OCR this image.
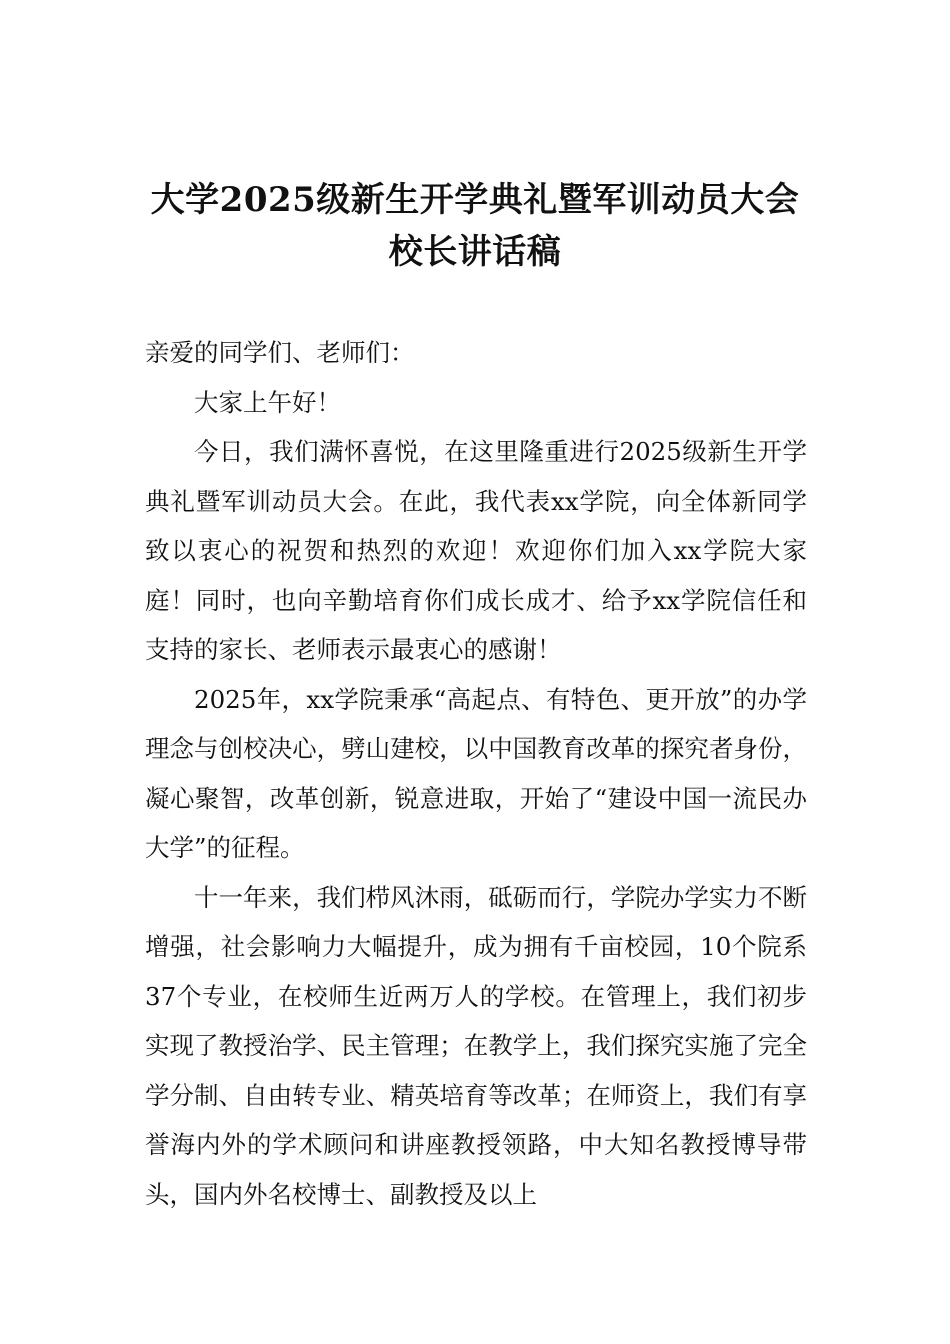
大学2025级新生开学典礼暨军训动员大会
校长讲话稿

亲爱的同学们、老师们：

大家上午好！

今日，我们满怀喜悦，在这里隆重进行2025级新生开学典礼暨军训动员大会。在此，我代表xx学院，向全体新同学致以衷心的祝贺和热烈的欢迎！欢迎你们加入xx学院大家庭！同时，也向辛勤培育你们成长成才、给予xx学院信任和支持的家长、老师表示最衷心的感谢！

2025年，xx学院秉承“高起点、有特色、更开放”的办学理念与创校决心，劈山建校，以中国教育改革的探究者身份，凝心聚智，改革创新，锐意进取，开始了“建设中国一流民办大学”的征程。

十一年来，我们栉风沐雨，砥砺而行，学院办学实力不断增强，社会影响力大幅提升，成为拥有千亩校园，10个院系37个专业，在校师生近两万人的学校。在管理上，我们初步实现了教授治学、民主管理；在教学上，我们探究实施了完全学分制、自由转专业、精英培育等改革；在师资上，我们有享誉海内外的学术顾问和讲座教授领路，中大知名教授博导带头，国内外名校博士、副教授及以上
